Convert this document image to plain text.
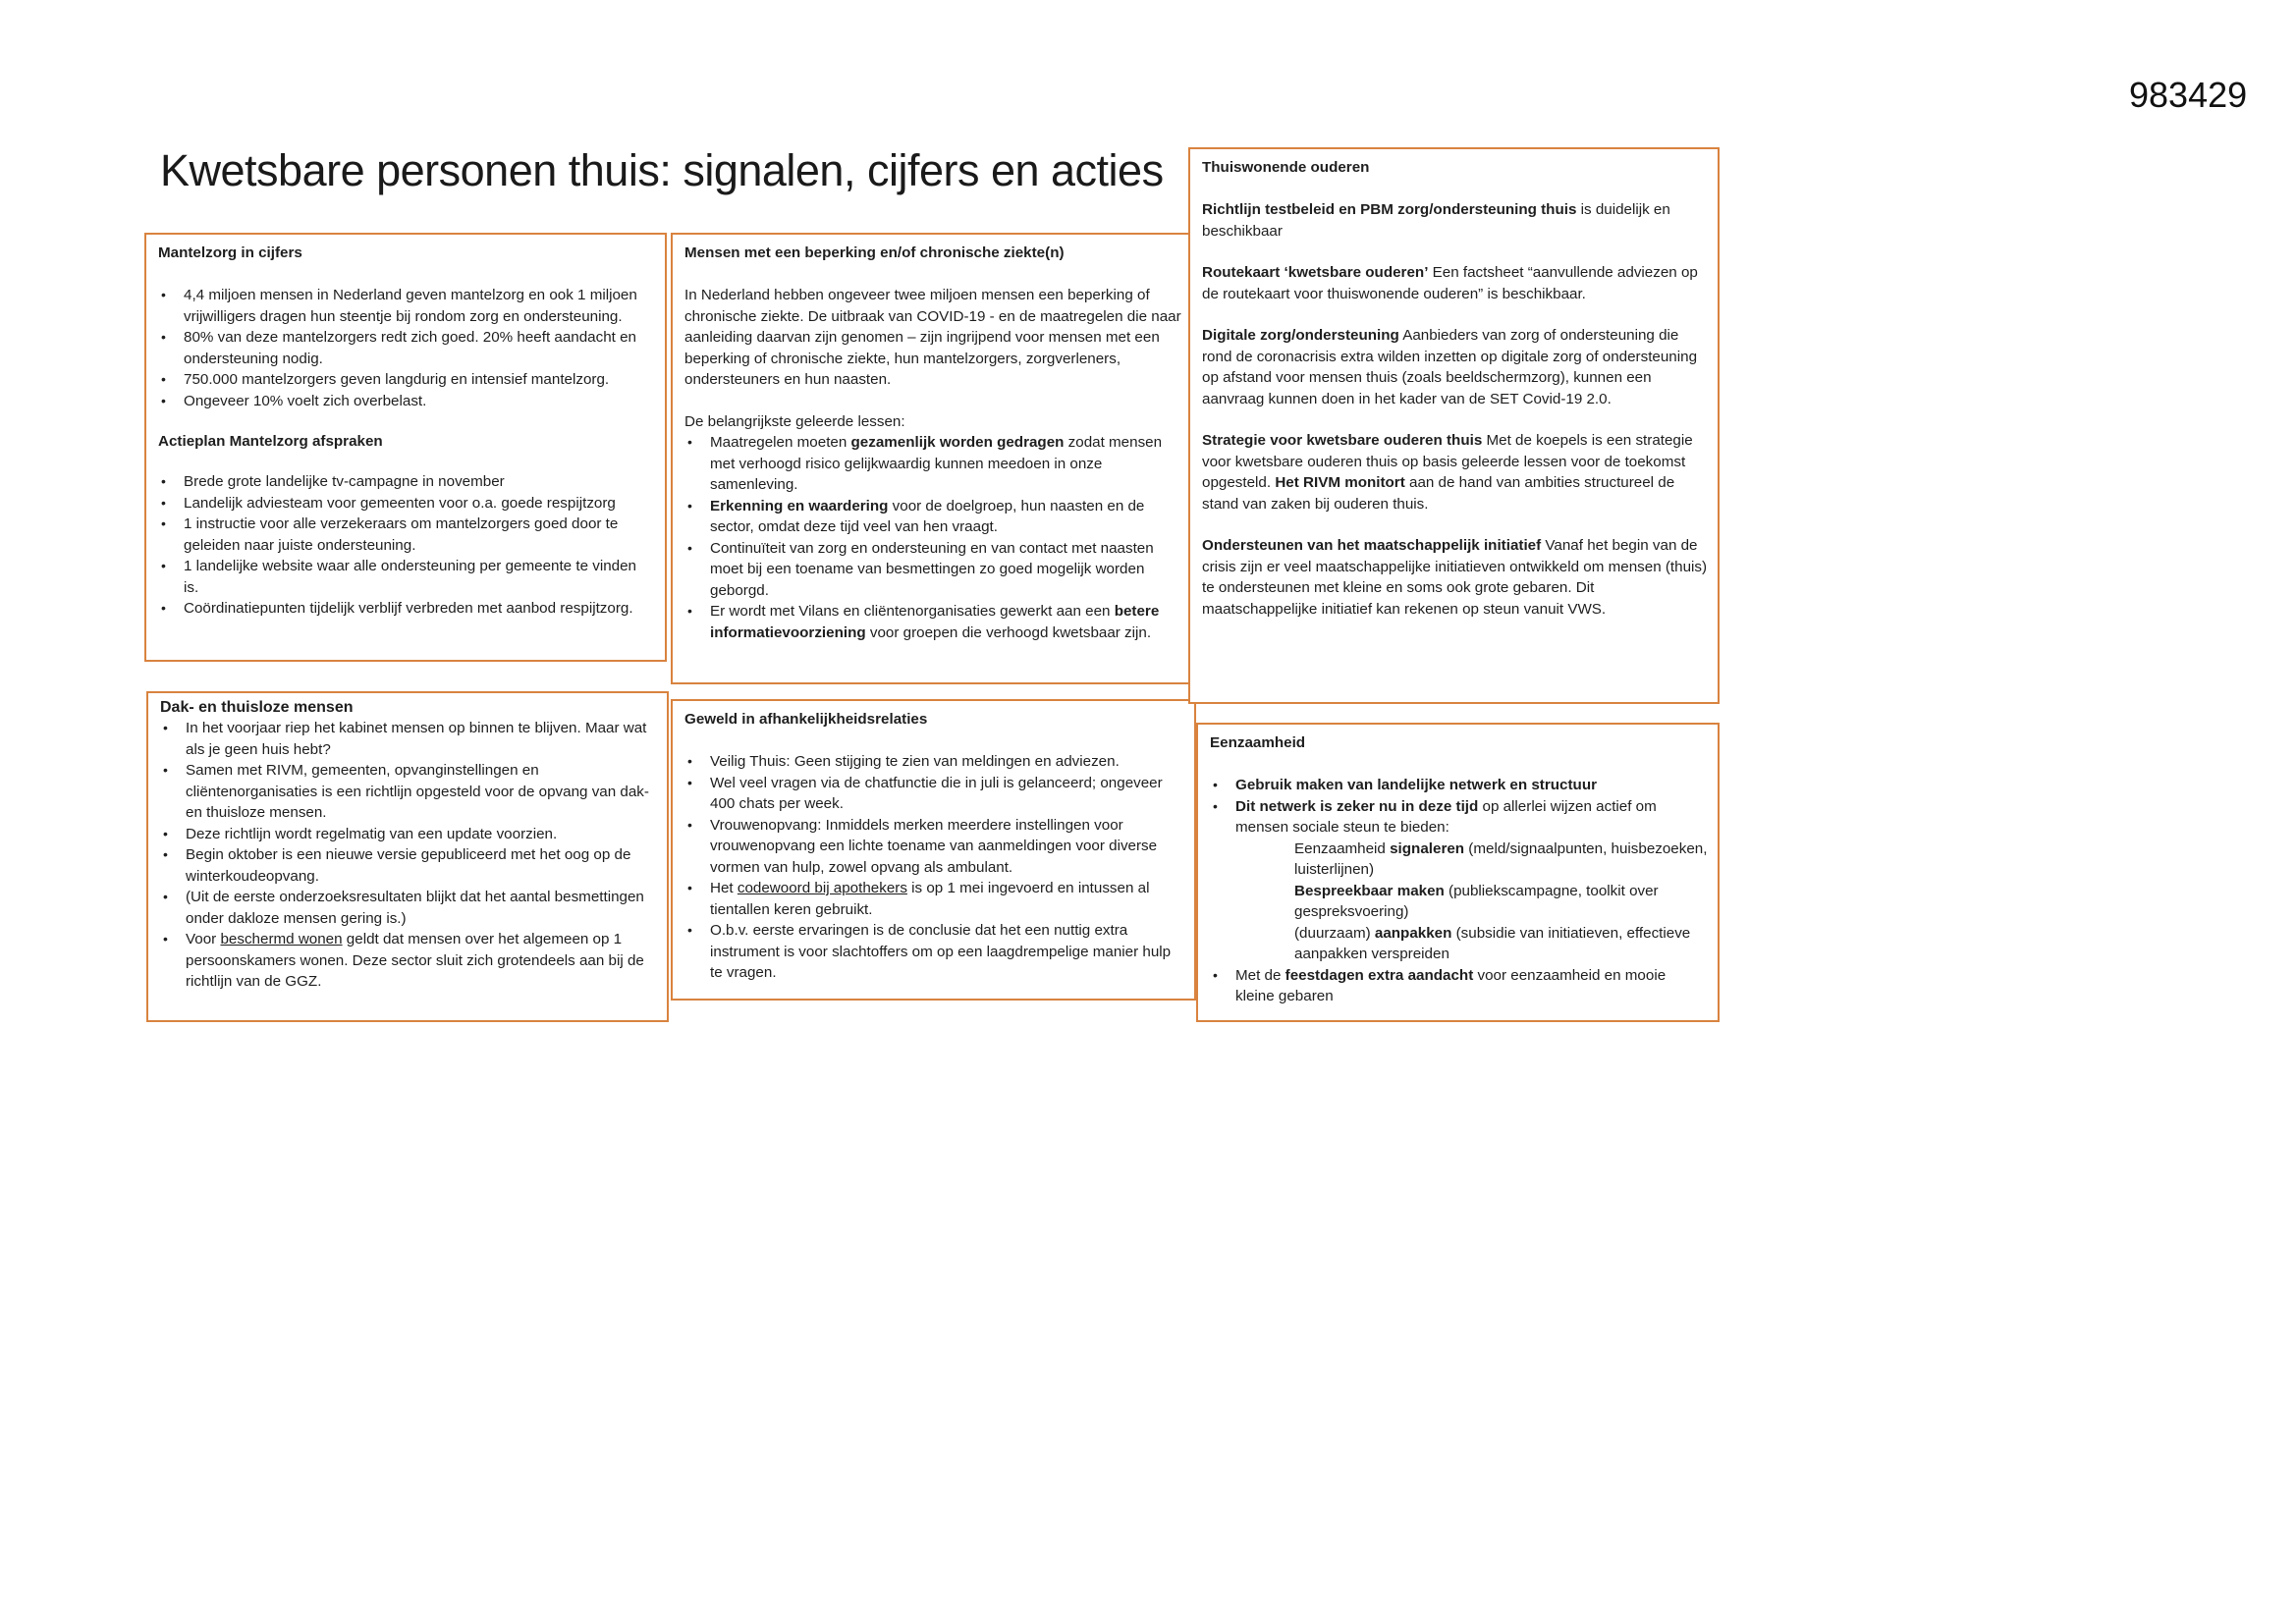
983429
Kwetsbare personen thuis: signalen, cijfers en acties
Mantelzorg in cijfers
• 4,4 miljoen mensen in Nederland geven mantelzorg en ook 1 miljoen vrijwilligers dragen hun steentje bij rondom zorg en ondersteuning.
• 80% van deze mantelzorgers redt zich goed. 20% heeft aandacht en ondersteuning nodig.
• 750.000 mantelzorgers geven langdurig en intensief mantelzorg.
• Ongeveer 10% voelt zich overbelast.
Actieplan Mantelzorg afspraken
• Brede grote landelijke tv-campagne in november
• Landelijk adviesteam voor gemeenten voor o.a. goede respijtzorg
• 1 instructie voor alle verzekeraars om mantelzorgers goed door te geleiden naar juiste ondersteuning.
• 1 landelijke website waar alle ondersteuning per gemeente te vinden is.
• Coördinatiepunten tijdelijk verblijf verbreden met aanbod respijtzorg.
Dak- en thuisloze mensen
• In het voorjaar riep het kabinet mensen op binnen te blijven. Maar wat als je geen huis hebt?
• Samen met RIVM, gemeenten, opvanginstellingen en cliëntenorganisaties is een richtlijn opgesteld voor de opvang van dak- en thuisloze mensen.
• Deze richtlijn wordt regelmatig van een update voorzien.
• Begin oktober is een nieuwe versie gepubliceerd met het oog op de winterkoudeopvang.
• (Uit de eerste onderzoeksresultaten blijkt dat het aantal besmettingen onder dakloze mensen gering is.)
• Voor beschermd wonen geldt dat mensen over het algemeen op 1 persoonskamers wonen. Deze sector sluit zich grotendeels aan bij de richtlijn van de GGZ.
Mensen met een beperking en/of chronische ziekte(n)

In Nederland hebben ongeveer twee miljoen mensen een beperking of chronische ziekte. De uitbraak van COVID-19 - en de maatregelen die naar aanleiding daarvan zijn genomen – zijn ingrijpend voor mensen met een beperking of chronische ziekte, hun mantelzorgers, zorgverleners, ondersteuners en hun naasten.

De belangrijkste geleerde lessen:

• Maatregelen moeten gezamenlijk worden gedragen zodat mensen met verhoogd risico gelijkwaardig kunnen meedoen in onze samenleving.
• Erkenning en waardering voor de doelgroep, hun naasten en de sector, omdat deze tijd veel van hen vraagt.
• Continuïteit van zorg en ondersteuning en van contact met naasten moet bij een toename van besmettingen zo goed mogelijk worden geborgd.
• Er wordt met Vilans en cliëntenorganisaties gewerkt aan een betere informatievoorziening voor groepen die verhoogd kwetsbaar zijn.
Geweld in afhankelijkheidsrelaties
• Veilig Thuis: Geen stijging te zien van meldingen en adviezen.
• Wel veel vragen via de chatfunctie die in juli is gelanceerd; ongeveer 400 chats per week.
• Vrouwenopvang: Inmiddels merken meerdere instellingen voor vrouwenopvang een lichte toename van aanmeldingen voor diverse vormen van hulp, zowel opvang als ambulant.
• Het codewoord bij apothekers is op 1 mei ingevoerd en intussen al tientallen keren gebruikt.
• O.b.v. eerste ervaringen is de conclusie dat het een nuttig extra instrument is voor slachtoffers om op een laagdrempelige manier hulp te vragen.
Thuiswonende ouderen

Richtlijn testbeleid en PBM zorg/ondersteuning thuis is duidelijk en beschikbaar

Routekaart ‘kwetsbare ouderen’ Een factsheet “aanvullende adviezen op de routekaart voor thuiswonende ouderen” is beschikbaar.

Digitale zorg/ondersteuning Aanbieders van zorg of ondersteuning die rond de coronacrisis extra wilden inzetten op digitale zorg of ondersteuning op afstand voor mensen thuis (zoals beeldschermzorg), kunnen een aanvraag kunnen doen in het kader van de SET Covid-19 2.0.

Strategie voor kwetsbare ouderen thuis Met de koepels is een strategie voor kwetsbare ouderen thuis op basis geleerde lessen voor de toekomst opgesteld. Het RIVM monitort aan de hand van ambities structureel de stand van zaken bij ouderen thuis.

Ondersteunen van het maatschappelijk initiatief Vanaf het begin van de crisis zijn er veel maatschappelijke initiatieven ontwikkeld om mensen (thuis) te ondersteunen met kleine en soms ook grote gebaren. Dit maatschappelijke initiatief kan rekenen op steun vanuit VWS.

Eenzaamheid
• Gebruik maken van landelijke netwerk en structuur
• Dit netwerk is zeker nu in deze tijd op allerlei wijzen actief om mensen sociale steun te bieden:
Eenzaamheid signaleren (meld/signaalpunten, huisbezoeken, luisterlijnen)
Bespreekbaar maken (publiekscampagne, toolkit over gespreksvoering)
(duurzaam) aanpakken (subsidie van initiatieven, effectieve aanpakken verspreiden
• Met de feestdagen extra aandacht voor eenzaamheid en mooie kleine gebaren
